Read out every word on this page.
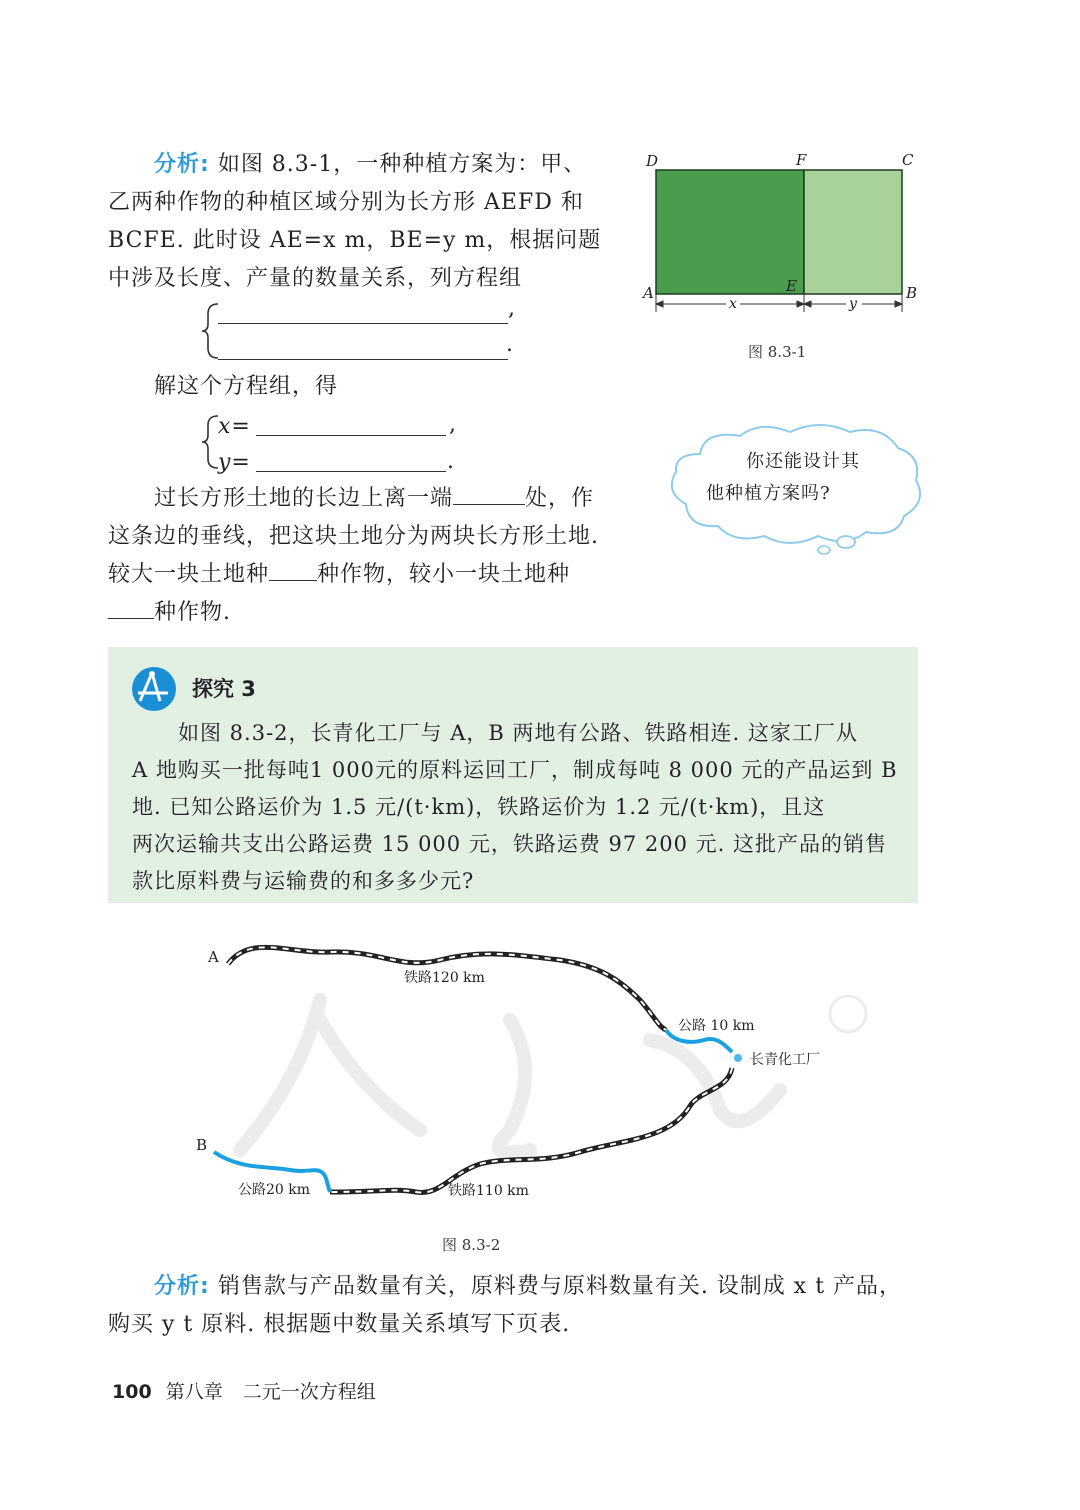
分析: 如图 8.3-1，一种种植方案为：甲、
乙两种作物的种植区域分别为长方形 AEFD 和
BCFE. 此时设 AE=x m，BE=y m，根据问题
中涉及长度、产量的数量关系，列方程组
,
.
解这个方程组，得
x=	,
y=	.
过长方形土地的长边上离一端	处，作
这条边的垂线，把这块土地分为两块长方形土地.
较大一块土地种 种作物，较小一块土地种
种作物.
D	F	C
A	E	B
x	y
图 8.3-1
你还能设计其
他种植方案吗?
探究 3
如图 8.3-2，长青化工厂与 A，B 两地有公路、铁路相连. 这家工厂从
A 地购买一批每吨1 000元的原料运回工厂，制成每吨 8 000 元的产品运到 B
地. 已知公路运价为 1.5 元/(t·km)，铁路运价为 1.2 元/(t·km)，且这
两次运输共支出公路运费 15 000 元，铁路运费 97 200 元. 这批产品的销售
款比原料费与运输费的和多多少元?
A
B
铁路120 km
公路 10 km
长青化工厂
公路20 km	铁路110 km
图 8.3-2
分析: 销售款与产品数量有关，原料费与原料数量有关. 设制成 x t 产品，
购买 y t 原料. 根据题中数量关系填写下页表.
100 第八章 二元一次方程组
